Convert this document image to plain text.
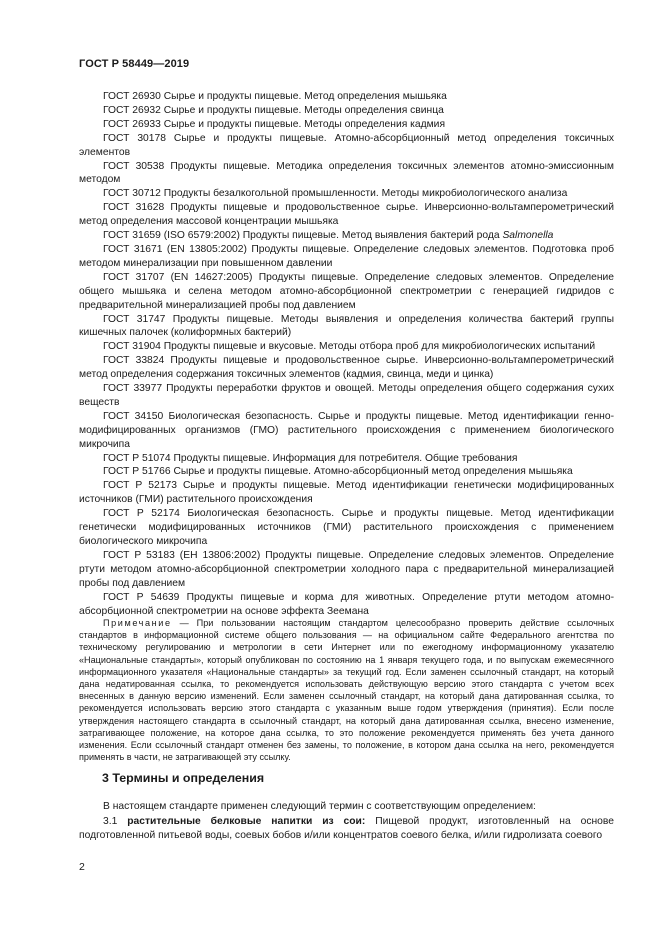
ГОСТ Р 58449—2019

ГОСТ 26930 Сырье и продукты пищевые. Метод определения мышьяка

ГОСТ 26932 Сырье и продукты пищевые. Методы определения свинца

ГОСТ 26933 Сырье и продукты пищевые. Методы определения кадмия

ГОСТ 30178 Сырье и продукты пищевые. Атомно-абсорбционный метод определения токсичных элементов

ГОСТ 30538 Продукты пищевые. Методика определения токсичных элементов атомно-эмиссионным методом

ГОСТ 30712 Продукты безалкогольной промышленности. Методы микробиологического анализа

ГОСТ 31628 Продукты пищевые и продовольственное сырье. Инверсионно-вольтамперометрический метод определения массовой концентрации мышьяка

ГОСТ 31659 (ISO 6579:2002) Продукты пищевые. Метод выявления бактерий рода Salmonella

ГОСТ 31671 (EN 13805:2002) Продукты пищевые. Определение следовых элементов. Подготовка проб методом минерализации при повышенном давлении

ГОСТ 31707 (EN 14627:2005) Продукты пищевые. Определение следовых элементов. Определение общего мышьяка и селена методом атомно-абсорбционной спектрометрии с генерацией гидридов с предварительной минерализацией пробы под давлением

ГОСТ 31747 Продукты пищевые. Методы выявления и определения количества бактерий группы кишечных палочек (колиформных бактерий)

ГОСТ 31904 Продукты пищевые и вкусовые. Методы отбора проб для микробиологических испытаний

ГОСТ 33824 Продукты пищевые и продовольственное сырье. Инверсионно-вольтамперометрический метод определения содержания токсичных элементов (кадмия, свинца, меди и цинка)

ГОСТ 33977 Продукты переработки фруктов и овощей. Методы определения общего содержания сухих веществ

ГОСТ 34150 Биологическая безопасность. Сырье и продукты пищевые. Метод идентификации генно-модифицированных организмов (ГМО) растительного происхождения с применением биологического микрочипа

ГОСТ Р 51074 Продукты пищевые. Информация для потребителя. Общие требования

ГОСТ Р 51766 Сырье и продукты пищевые. Атомно-абсорбционный метод определения мышьяка

ГОСТ Р 52173 Сырье и продукты пищевые. Метод идентификации генетически модифицированных источников (ГМИ) растительного происхождения

ГОСТ Р 52174 Биологическая безопасность. Сырье и продукты пищевые. Метод идентификации генетически модифицированных источников (ГМИ) растительного происхождения с применением биологического микрочипа

ГОСТ Р 53183 (ЕН 13806:2002) Продукты пищевые. Определение следовых элементов. Определение ртути методом атомно-абсорбционной спектрометрии холодного пара с предварительной минерализацией пробы под давлением

ГОСТ Р 54639 Продукты пищевые и корма для животных. Определение ртути методом атомно-абсорбционной спектрометрии на основе эффекта Зеемана

Примечание — При пользовании настоящим стандартом целесообразно проверить действие ссылочных стандартов в информационной системе общего пользования — на официальном сайте Федерального агентства по техническому регулированию и метрологии в сети Интернет или по ежегодному информационному указателю «Национальные стандарты», который опубликован по состоянию на 1 января текущего года, и по выпускам ежемесячного информационного указателя «Национальные стандарты» за текущий год. Если заменен ссылочный стандарт, на который дана недатированная ссылка, то рекомендуется использовать действующую версию этого стандарта с учетом всех внесенных в данную версию изменений. Если заменен ссылочный стандарт, на который дана датированная ссылка, то рекомендуется использовать версию этого стандарта с указанным выше годом утверждения (принятия). Если после утверждения настоящего стандарта в ссылочный стандарт, на который дана датированная ссылка, внесено изменение, затрагивающее положение, на которое дана ссылка, то это положение рекомендуется применять без учета данного изменения. Если ссылочный стандарт отменен без замены, то положение, в котором дана ссылка на него, рекомендуется применять в части, не затрагивающей эту ссылку.

3 Термины и определения

В настоящем стандарте применен следующий термин с соответствующим определением:

3.1 растительные белковые напитки из сои: Пищевой продукт, изготовленный на основе подготовленной питьевой воды, соевых бобов и/или концентратов соевого белка, и/или гидролизата соевого

2
